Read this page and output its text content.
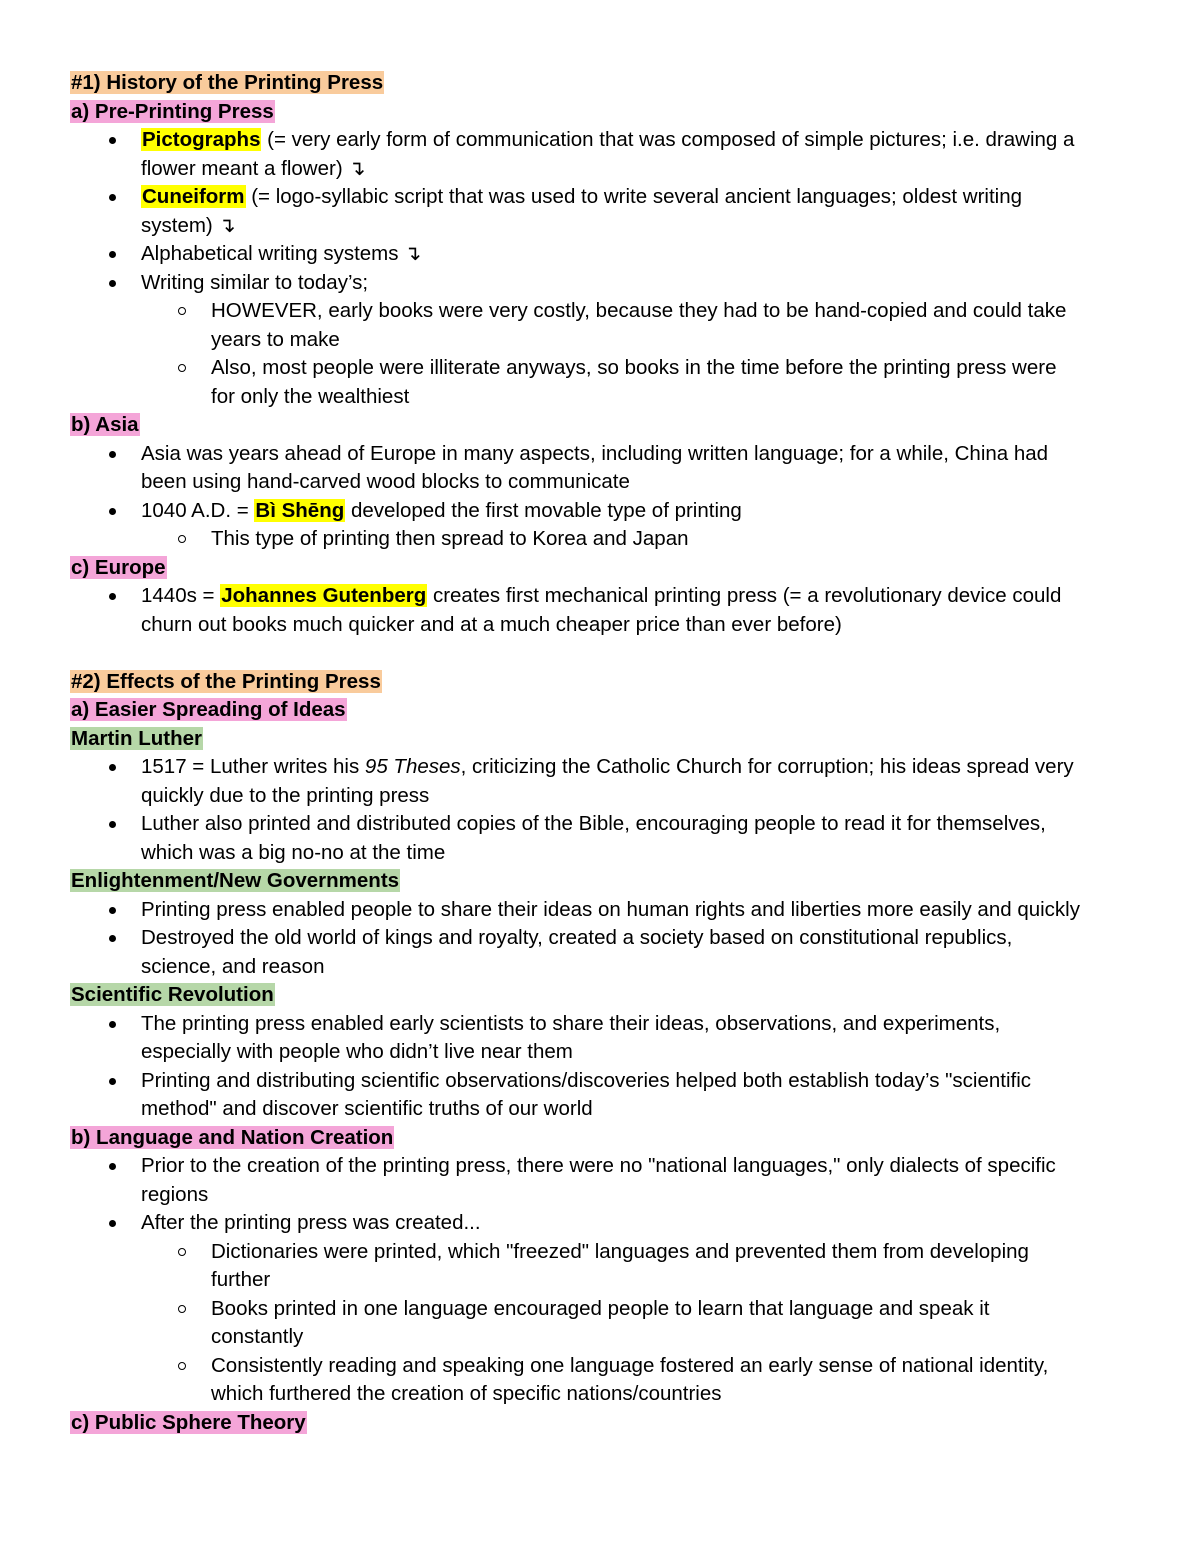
#1) History of the Printing Press
a) Pre-Printing Press
Pictographs (= very early form of communication that was composed of simple pictures; i.e. drawing a
flower meant a flower) ↴
Cuneiform (= logo-syllabic script that was used to write several ancient languages; oldest writing
system) ↴
Alphabetical writing systems ↴
Writing similar to today’s;
HOWEVER, early books were very costly, because they had to be hand-copied and could take
years to make
Also, most people were illiterate anyways, so books in the time before the printing press were
for only the wealthiest
b) Asia
Asia was years ahead of Europe in many aspects, including written language; for a while, China had
been using hand-carved wood blocks to communicate
1040 A.D. = Bì Shēng developed the first movable type of printing
This type of printing then spread to Korea and Japan
c) Europe
1440s = Johannes Gutenberg creates first mechanical printing press (= a revolutionary device could
churn out books much quicker and at a much cheaper price than ever before)
#2) Effects of the Printing Press
a) Easier Spreading of Ideas
Martin Luther
1517 = Luther writes his 95 Theses, criticizing the Catholic Church for corruption; his ideas spread very
quickly due to the printing press
Luther also printed and distributed copies of the Bible, encouraging people to read it for themselves,
which was a big no-no at the time
Enlightenment/New Governments
Printing press enabled people to share their ideas on human rights and liberties more easily and quickly
Destroyed the old world of kings and royalty, created a society based on constitutional republics,
science, and reason
Scientific Revolution
The printing press enabled early scientists to share their ideas, observations, and experiments,
especially with people who didn’t live near them
Printing and distributing scientific observations/discoveries helped both establish today’s "scientific
method" and discover scientific truths of our world
b) Language and Nation Creation
Prior to the creation of the printing press, there were no "national languages," only dialects of specific
regions
After the printing press was created...
Dictionaries were printed, which "freezed" languages and prevented them from developing
further
Books printed in one language encouraged people to learn that language and speak it
constantly
Consistently reading and speaking one language fostered an early sense of national identity,
which furthered the creation of specific nations/countries
c) Public Sphere Theory
